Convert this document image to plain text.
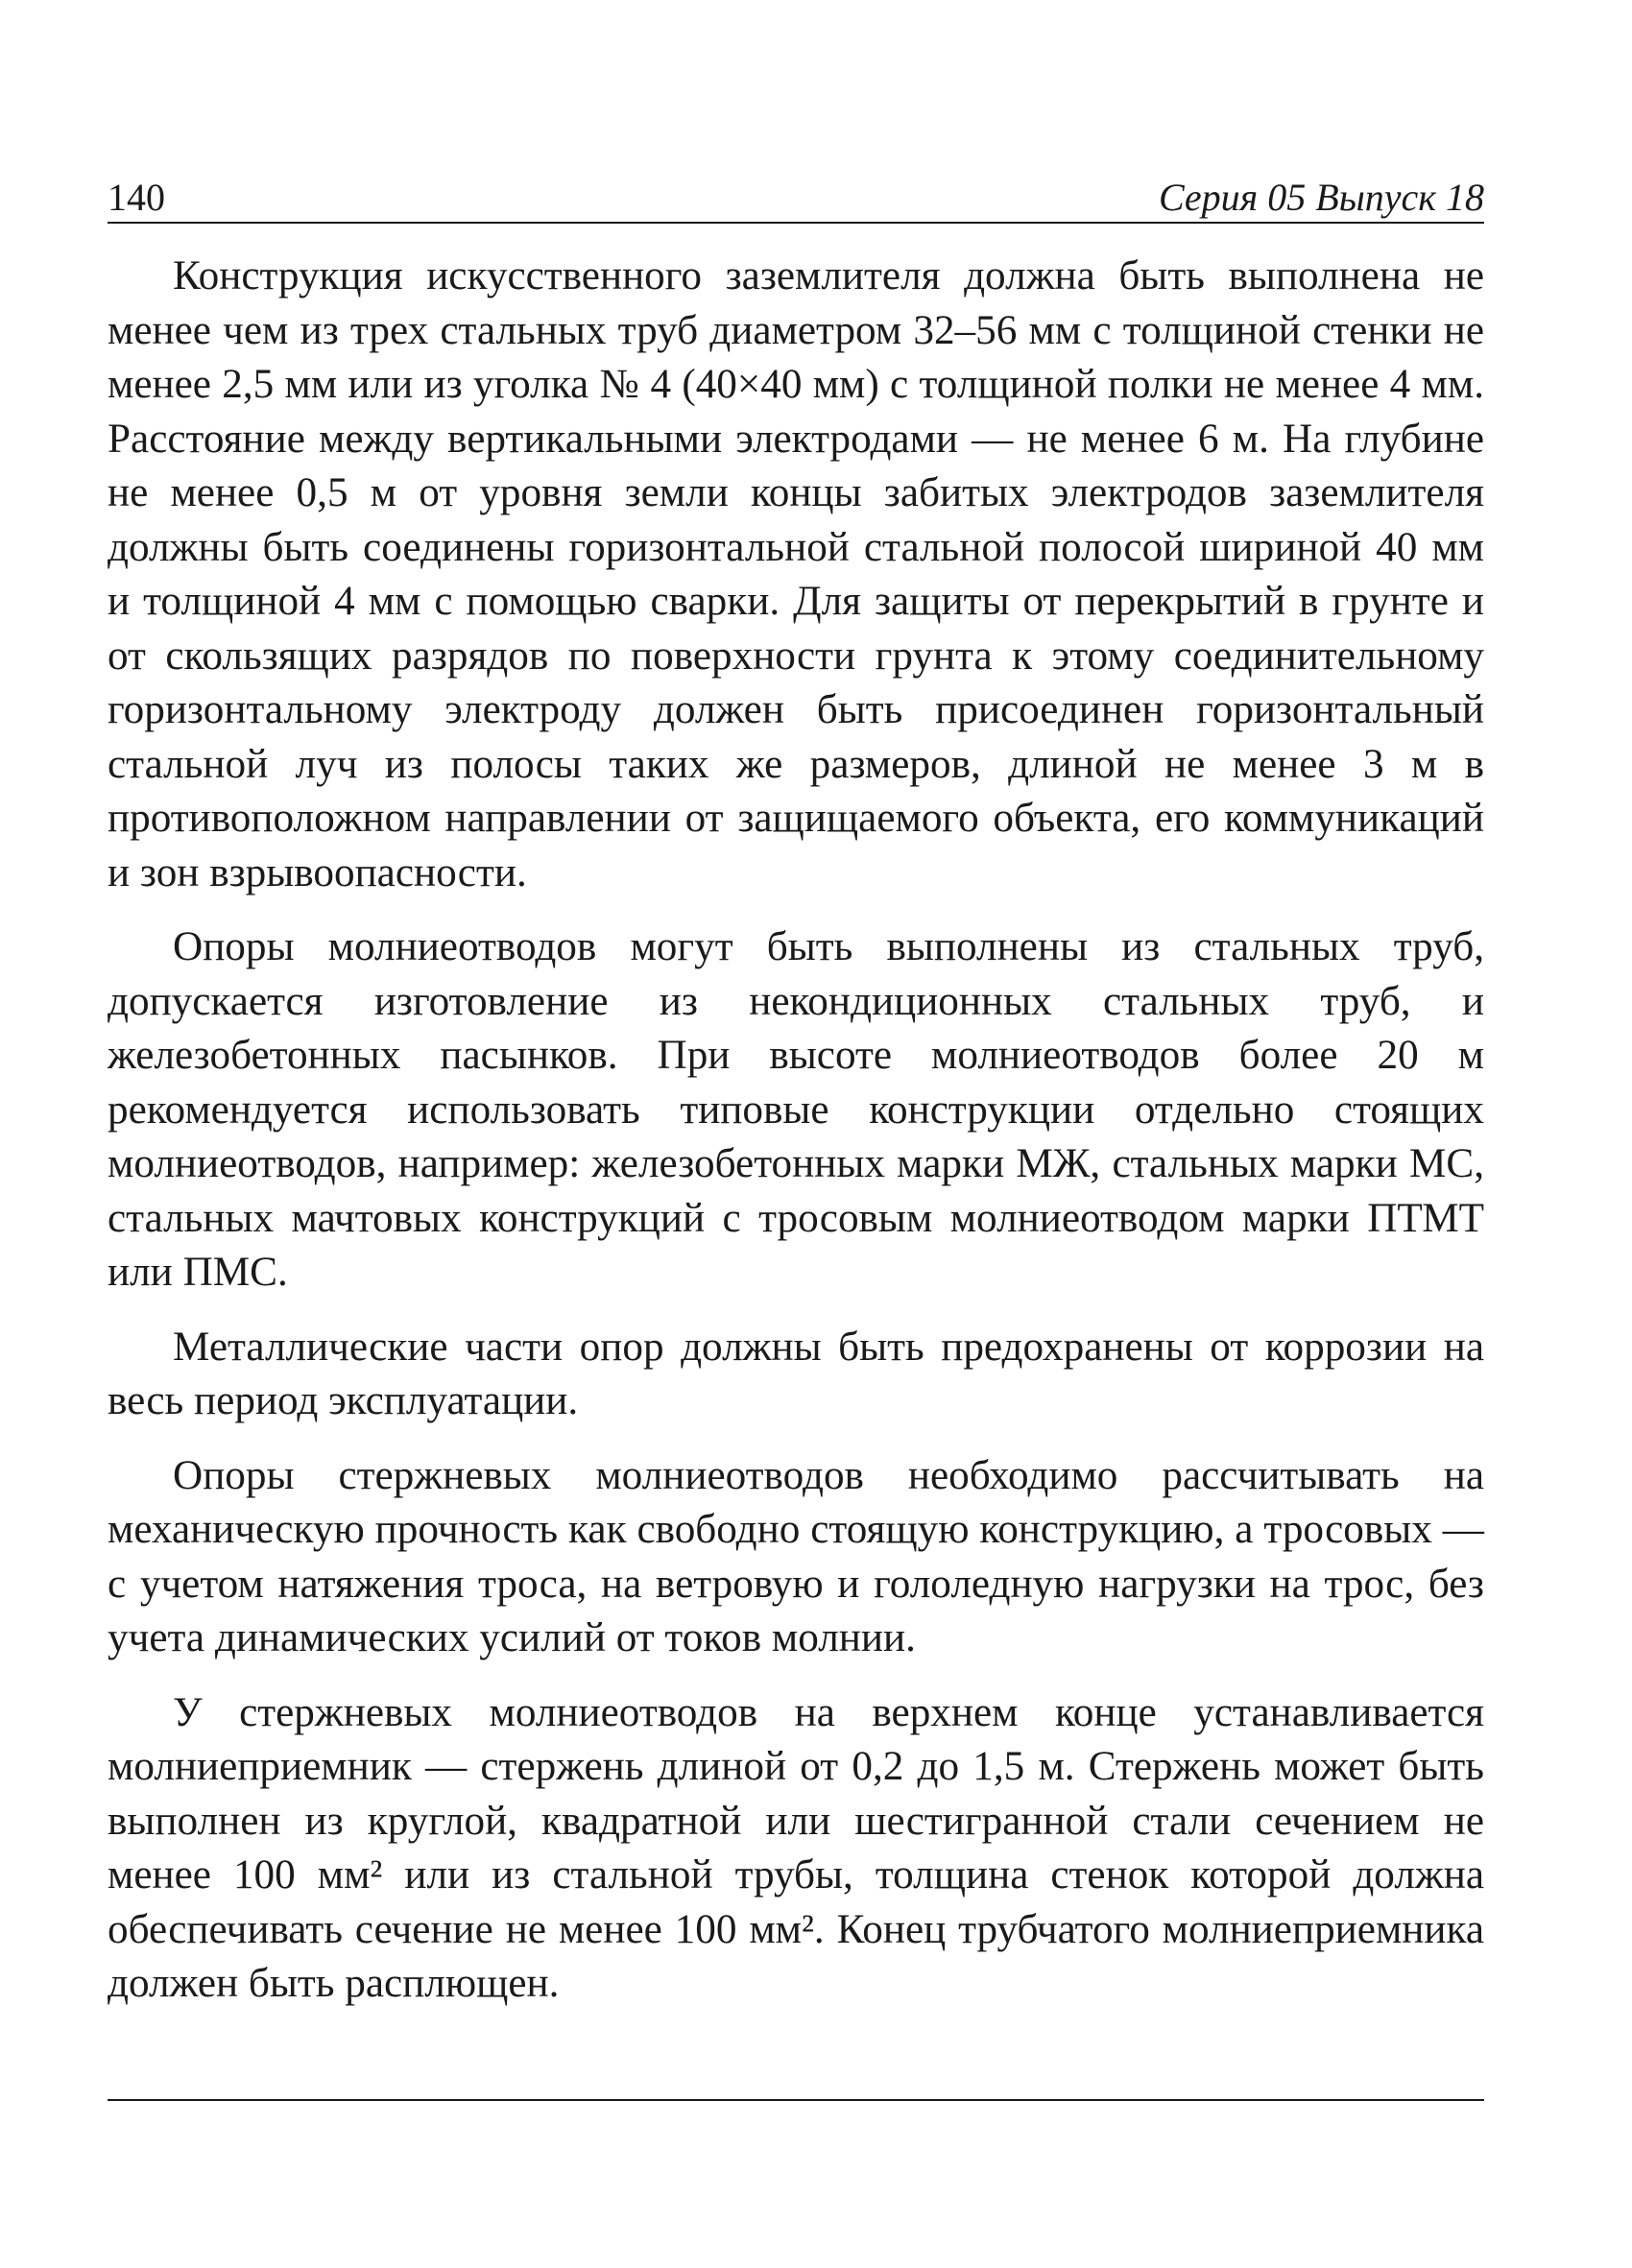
140	Серия 05 Выпуск 18

Конструкция искусственного заземлителя должна быть выполнена не менее чем из трех стальных труб диаметром 32–56 мм с толщиной стенки не менее 2,5 мм или из уголка № 4 (40×40 мм) с толщиной полки не менее 4 мм. Расстояние между вертикальными электродами — не менее 6 м. На глубине не менее 0,5 м от уровня земли концы забитых электродов заземлителя должны быть соединены горизонтальной стальной полосой шириной 40 мм и толщиной 4 мм с помощью сварки. Для защиты от перекрытий в грунте и от скользящих разрядов по поверхности грунта к этому соединительному горизонтальному электроду должен быть присоединен горизонтальный стальной луч из полосы таких же размеров, длиной не менее 3 м в противоположном направлении от защищаемого объекта, его коммуникаций и зон взрывоопасности.

Опоры молниеотводов могут быть выполнены из стальных труб, допускается изготовление из некондиционных стальных труб, и железобетонных пасынков. При высоте молниеотводов более 20 м рекомендуется использовать типовые конструкции отдельно стоящих молниеотводов, например: железобетонных марки МЖ, стальных марки МС, стальных мачтовых конструкций с тросовым молниеотводом марки ПТМТ или ПМС.

Металлические части опор должны быть предохранены от коррозии на весь период эксплуатации.

Опоры стержневых молниеотводов необходимо рассчитывать на механическую прочность как свободно стоящую конструкцию, а тросовых — с учетом натяжения троса, на ветровую и гололедную нагрузки на трос, без учета динамических усилий от токов молнии.

У стержневых молниеотводов на верхнем конце устанавливается молниеприемник — стержень длиной от 0,2 до 1,5 м. Стержень может быть выполнен из круглой, квадратной или шестигранной стали сечением не менее 100 мм² или из стальной трубы, толщина стенок которой должна обеспечивать сечение не менее 100 мм². Конец трубчатого молниеприемника должен быть расплющен.
